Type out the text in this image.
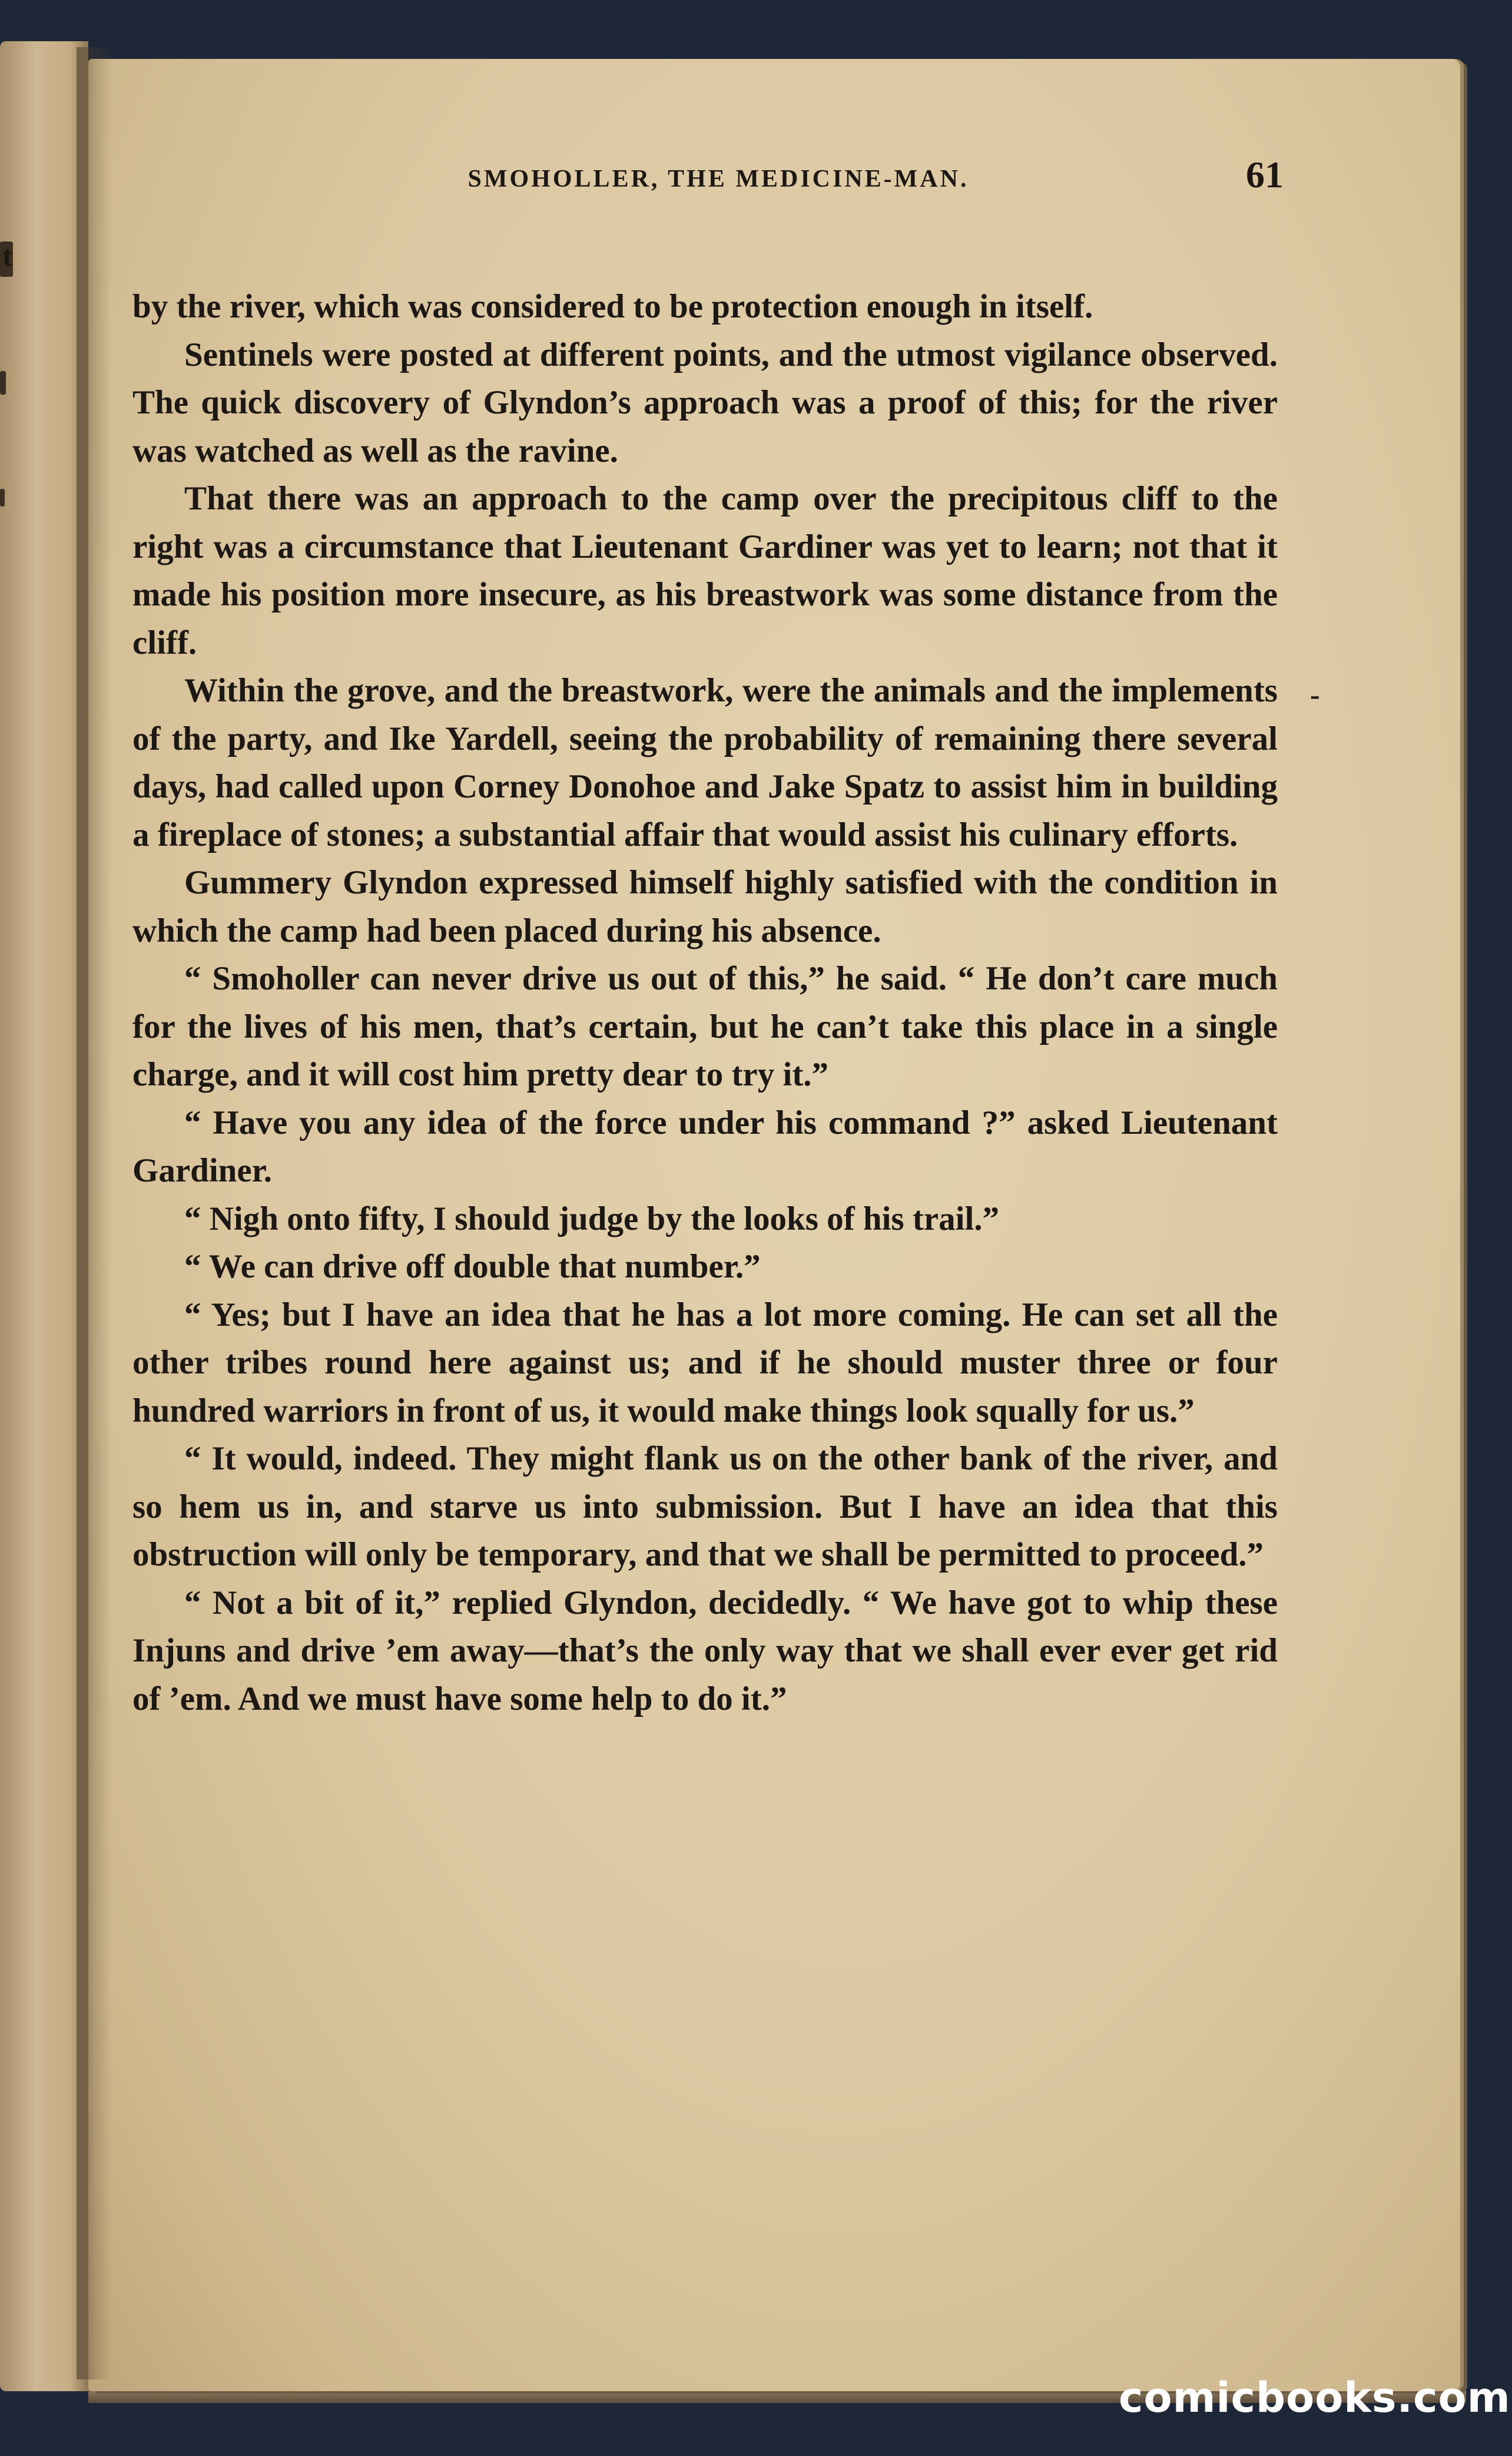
SMOHOLLER, THE MEDICINE-MAN.	61

by the river, which was considered to be protection enough in itself.

Sentinels were posted at different points, and the utmost vigilance observed. The quick discovery of Glyndon’s approach was a proof of this; for the river was watched as well as the ravine.

That there was an approach to the camp over the precipitous cliff to the right was a circumstance that Lieutenant Gardiner was yet to learn; not that it made his position more insecure, as his breastwork was some distance from the cliff.

Within the grove, and the breastwork, were the animals and the implements of the party, and Ike Yardell, seeing the probability of remaining there several days, had called upon Corney Donohoe and Jake Spatz to assist him in building a fireplace of stones; a substantial affair that would assist his culinary efforts.

Gummery Glyndon expressed himself highly satisfied with the condition in which the camp had been placed during his absence.

“ Smoholler can never drive us out of this,” he said. “ He don’t care much for the lives of his men, that’s certain, but he can’t take this place in a single charge, and it will cost him pretty dear to try it.”

“ Have you any idea of the force under his command ?” asked Lieutenant Gardiner.

“ Nigh onto fifty, I should judge by the looks of his trail.”

“ We can drive off double that number.”

“ Yes; but I have an idea that he has a lot more coming. He can set all the other tribes round here against us; and if he should muster three or four hundred warriors in front of us, it would make things look squally for us.”

“ It would, indeed. They might flank us on the other bank of the river, and so hem us in, and starve us into submission. But I have an idea that this obstruction will only be temporary, and that we shall be permitted to proceed.”

“ Not a bit of it,” replied Glyndon, decidedly. “ We have got to whip these Injuns and drive ’em away—that’s the only way that we shall ever ever get rid of ’em. And we must have some help to do it.”

t
-
comicbooks.com
